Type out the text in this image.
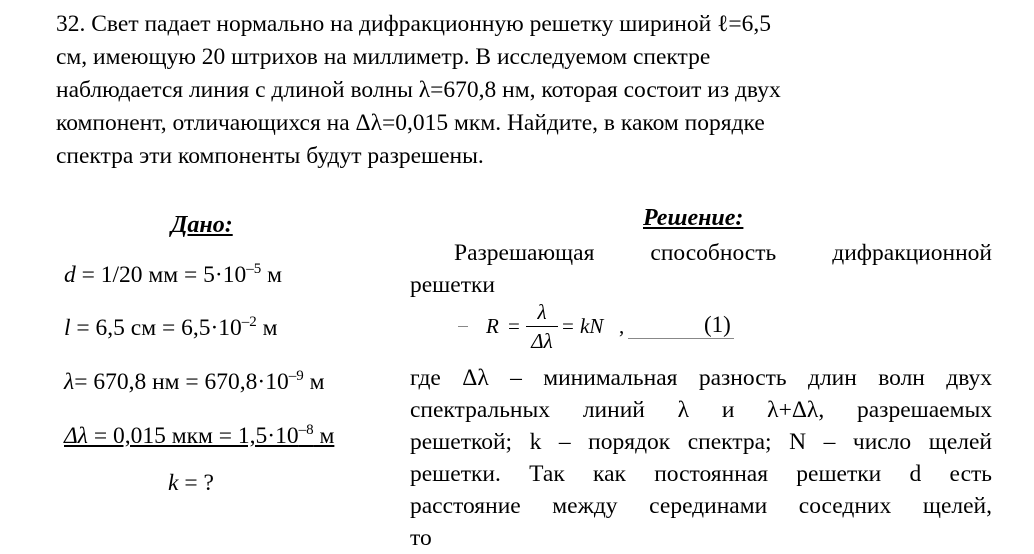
32. Свет падает нормально на дифракционную решетку шириной ℓ=6,5
см, имеющую 20 штрихов на миллиметр. В исследуемом спектре
наблюдается линия с длиной волны λ=670,8 нм, которая состоит из двух
компонент, отличающихся на Δλ=0,015 мкм. Найдите, в каком порядке
спектра эти компоненты будут разрешены.
Дано:	Решение:
d = 1/20 мм = $5\cdot 10^{-5}$ м
l = 6,5 см = $6,5\cdot 10^{-2}$ м
λ= 670,8 нм = $670,8\cdot 10^{-9}$ м
Δλ = 0,015 мкм = $1,5\cdot 10^{-8}$ м
k = ?
Разрешающая способность дифракционной
решетки
R =
λ
Δλ
= kN ,	(1)
где Δλ – минимальная разность длин волн двух
спектральных линий λ и λ+Δλ, разрешаемых
решеткой; k – порядок спектра; N – число щелей
решетки. Так как постоянная решетки d есть
расстояние между серединами соседних щелей,
то
